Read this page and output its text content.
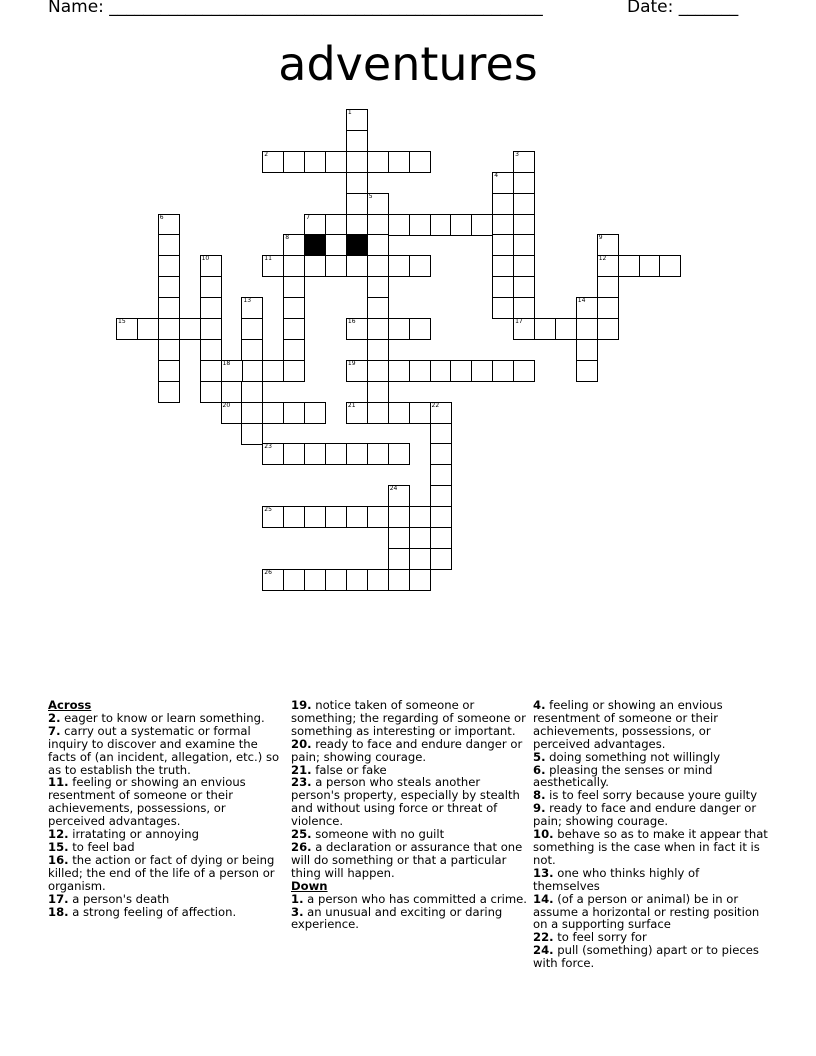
Name: ___________________________________________________	Date: _______
adventures
1
2	3
4
5
6	7
8	9
10	11	12
13	14
15	16	17
18	19
20	21	22
23
24
25
26
Across
2. eager to know or learn something.
7. carry out a systematic or formal inquiry to discover and examine the facts of (an incident, allegation, etc.) so as to establish the truth.
11. feeling or showing an envious resentment of someone or their achievements, possessions, or perceived advantages.
12. irratating or annoying
15. to feel bad
16. the action or fact of dying or being killed; the end of the life of a person or organism.
17. a person's death
18. a strong feeling of affection.
19. notice taken of someone or something; the regarding of someone or something as interesting or important.
20. ready to face and endure danger or pain; showing courage.
21. false or fake
23. a person who steals another person's property, especially by stealth and without using force or threat of violence.
25. someone with no guilt
26. a declaration or assurance that one will do something or that a particular thing will happen.
Down
1. a person who has committed a crime.
3. an unusual and exciting or daring experience.
4. feeling or showing an envious resentment of someone or their achievements, possessions, or perceived advantages.
5. doing something not willingly
6. pleasing the senses or mind aesthetically.
8. is to feel sorry because youre guilty
9. ready to face and endure danger or pain; showing courage.
10. behave so as to make it appear that something is the case when in fact it is not.
13. one who thinks highly of themselves
14. (of a person or animal) be in or assume a horizontal or resting position on a supporting surface
22. to feel sorry for
24. pull (something) apart or to pieces with force.
